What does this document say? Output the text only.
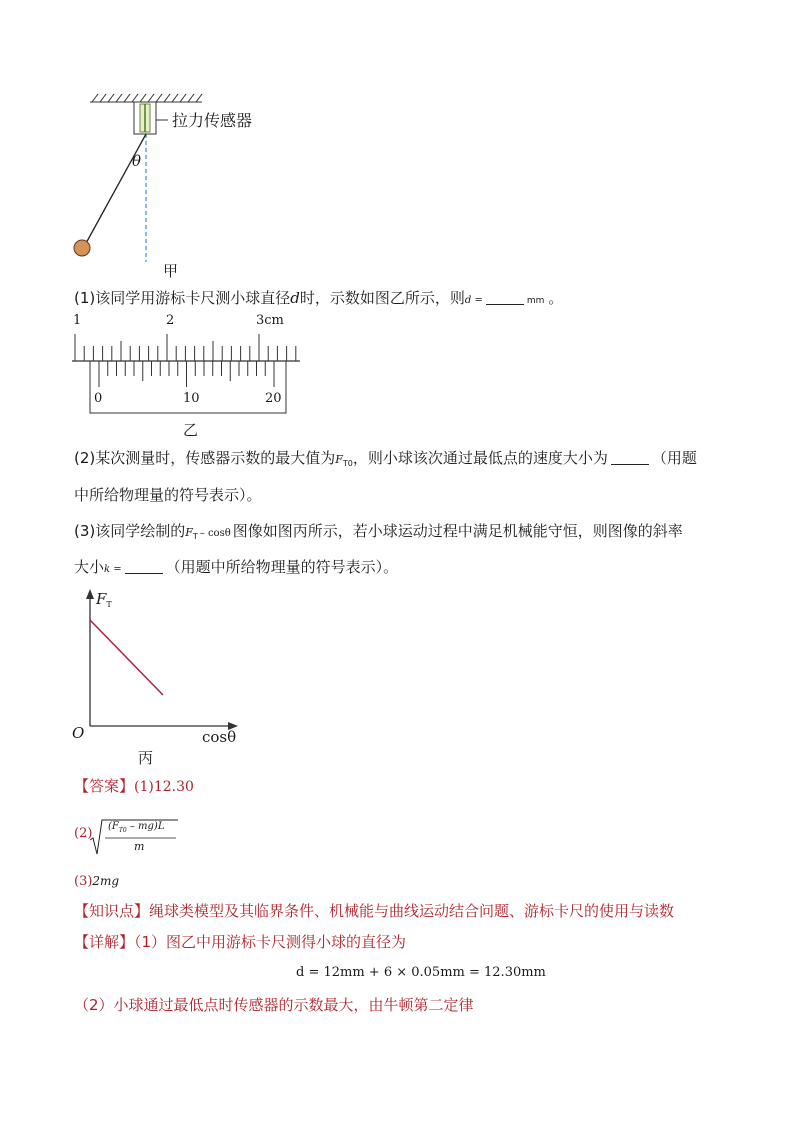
拉力传感器
θ
甲
(1)该同学用游标卡尺测小球直径d时，示数如图乙所示，则d =	mm 。
1	2	3cm
0	10	20
乙
(2)某次测量时，传感器示数的最大值为$F_{T0}$，则小球该次通过最低点的速度大小为	（用题
中所给物理量的符号表示）。
(3)该同学绘制的$F_T$ – cosθ 图像如图丙所示，若小球运动过程中满足机械能守恒，则图像的斜率
大小k =	（用题中所给物理量的符号表示）。
$F_T$
O	cosθ
丙
【答案】(1)12.30
(2) $(F_{T0} - mg)L$
m
(3)2mg
【知识点】绳球类模型及其临界条件、机械能与曲线运动结合问题、游标卡尺的使用与读数
【详解】（1）图乙中用游标卡尺测得小球的直径为
d = 12mm + 6 × 0.05mm = 12.30mm
（2）小球通过最低点时传感器的示数最大，由牛顿第二定律
